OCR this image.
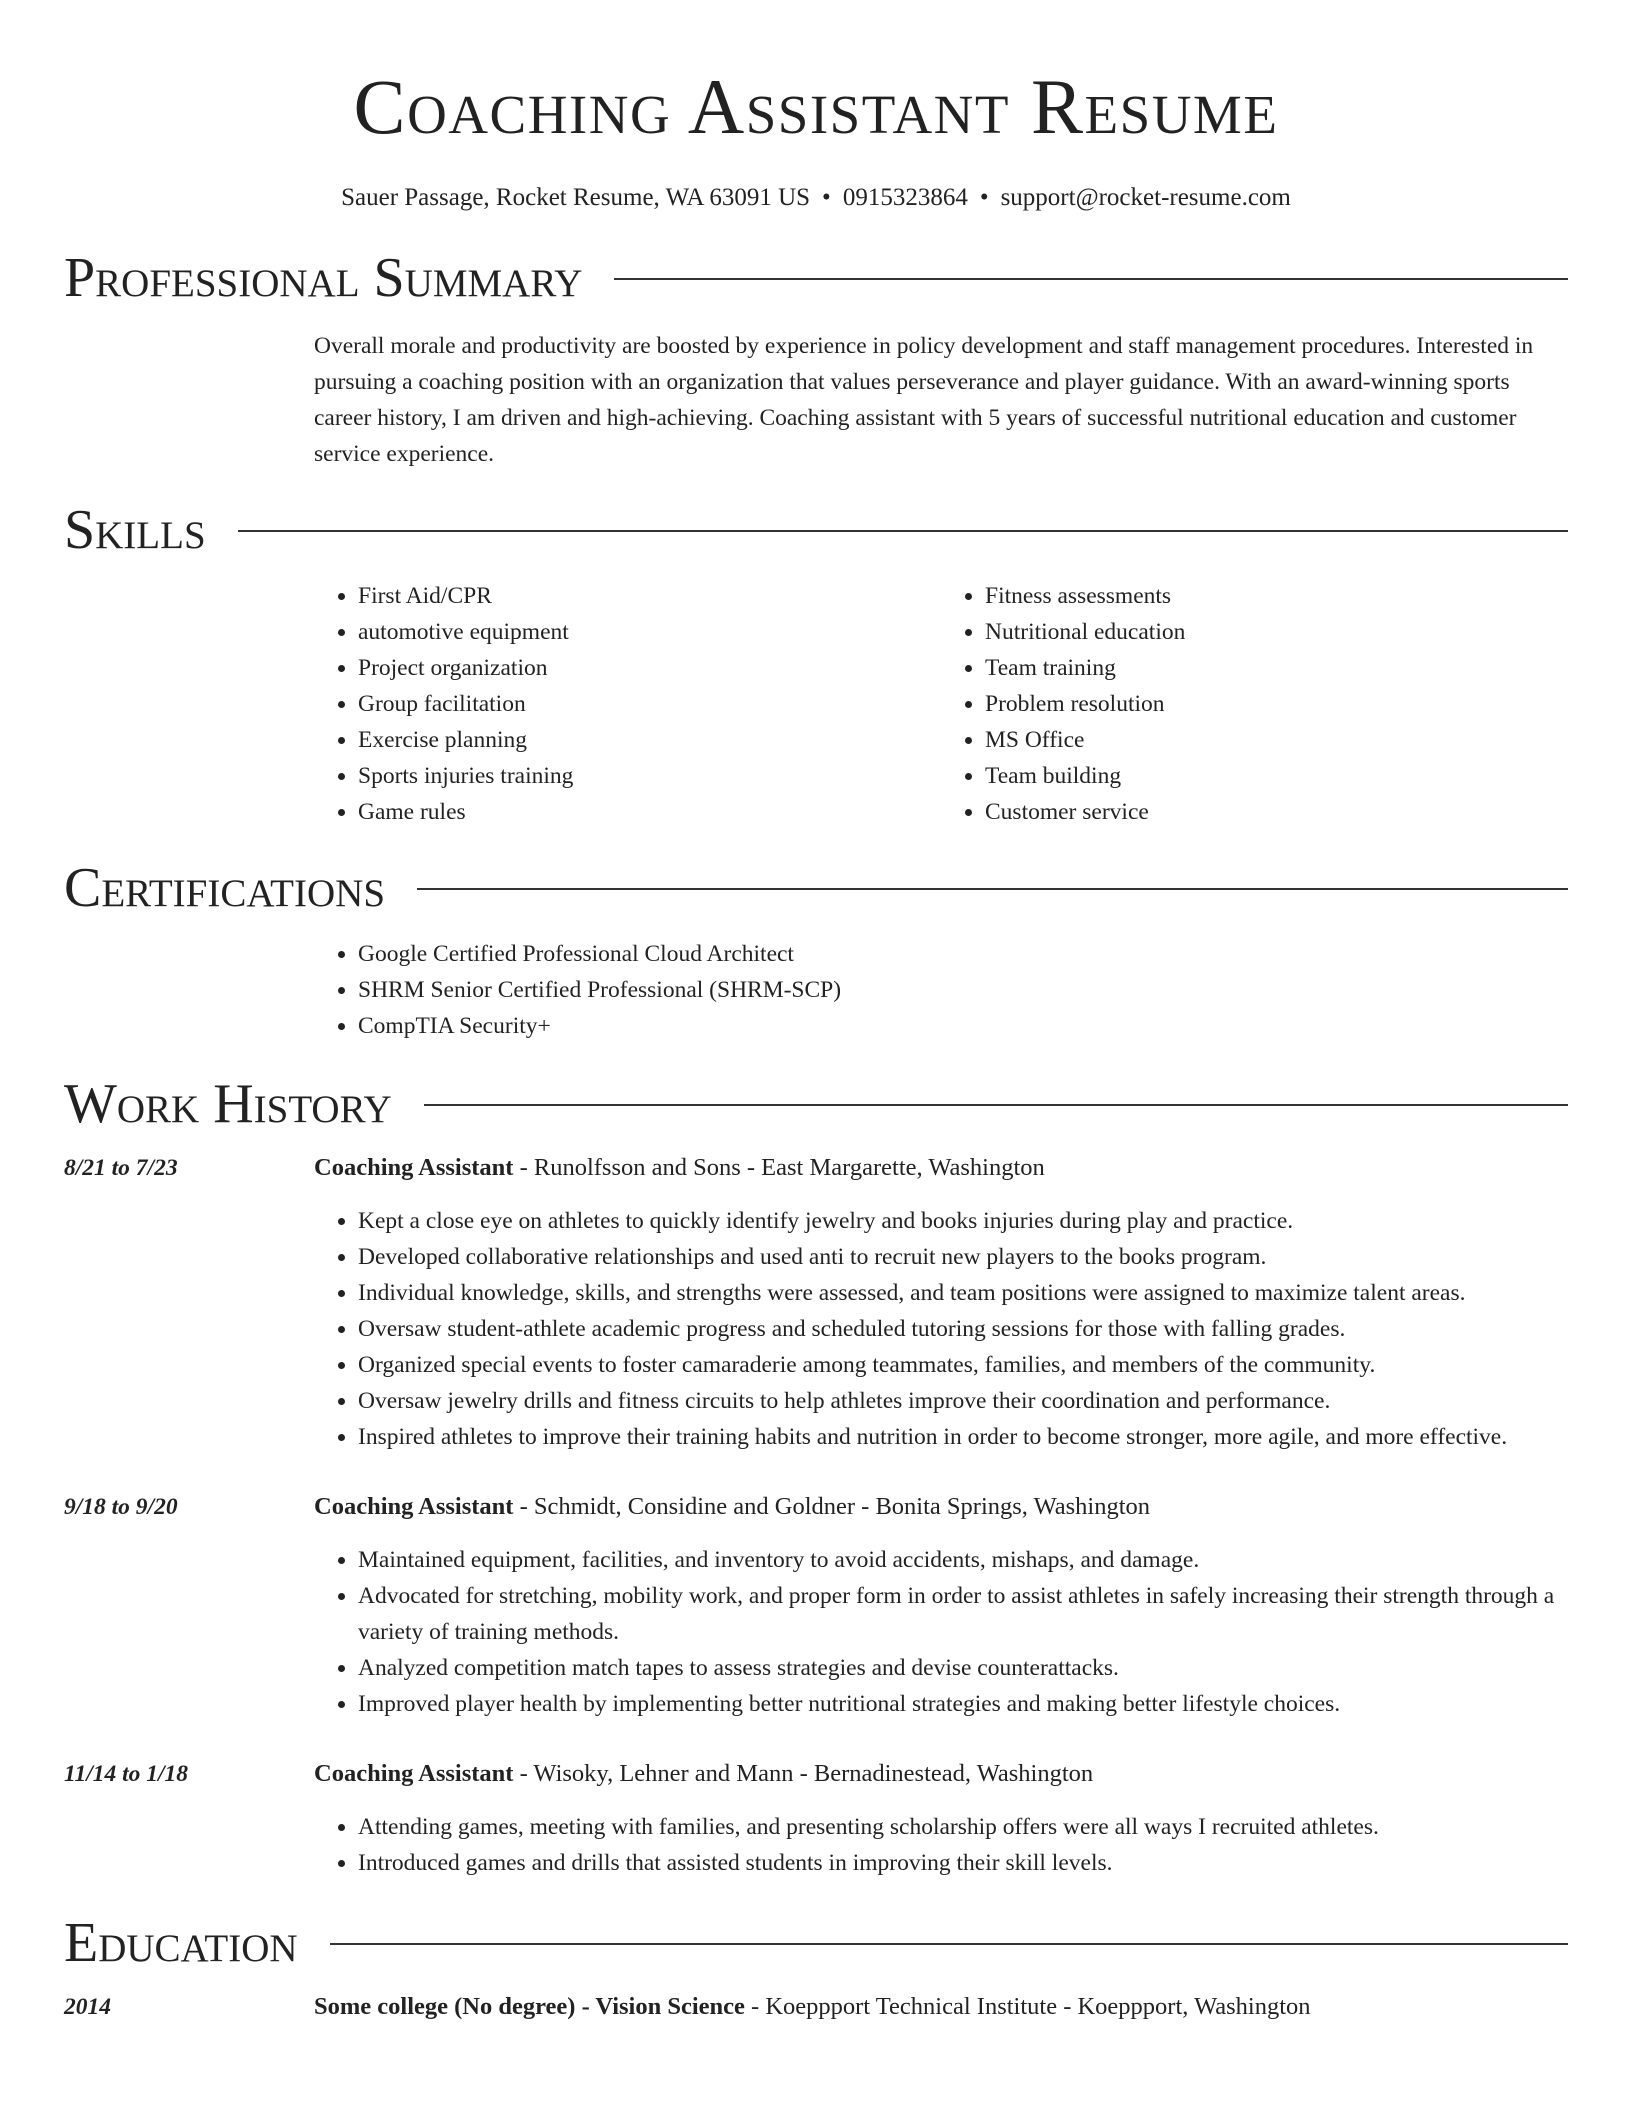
Coaching Assistant Resume
Sauer Passage, Rocket Resume, WA 63091 US • 0915323864 • support@rocket-resume.com
Professional Summary

Overall morale and productivity are boosted by experience in policy development and staff management procedures. Interested in pursuing a coaching position with an organization that values perseverance and player guidance. With an award-winning sports career history, I am driven and high-achieving. Coaching assistant with 5 years of successful nutritional education and customer service experience.

Skills
• First Aid/CPR
• automotive equipment
• Project organization
• Group facilitation
• Exercise planning
• Sports injuries training
• Game rules
• Fitness assessments
• Nutritional education
• Team training
• Problem resolution
• MS Office
• Team building
• Customer service
Certifications
• Google Certified Professional Cloud Architect
• SHRM Senior Certified Professional (SHRM-SCP)
• CompTIA Security+
Work History
8/21 to 7/23	Coaching Assistant - Runolfsson and Sons - East Margarette, Washington
• Kept a close eye on athletes to quickly identify jewelry and books injuries during play and practice.
• Developed collaborative relationships and used anti to recruit new players to the books program.
• Individual knowledge, skills, and strengths were assessed, and team positions were assigned to maximize talent areas.
• Oversaw student-athlete academic progress and scheduled tutoring sessions for those with falling grades.
• Organized special events to foster camaraderie among teammates, families, and members of the community.
• Oversaw jewelry drills and fitness circuits to help athletes improve their coordination and performance.
• Inspired athletes to improve their training habits and nutrition in order to become stronger, more agile, and more effective.
9/18 to 9/20	Coaching Assistant - Schmidt, Considine and Goldner - Bonita Springs, Washington
• Maintained equipment, facilities, and inventory to avoid accidents, mishaps, and damage.
• Advocated for stretching, mobility work, and proper form in order to assist athletes in safely increasing their strength through a variety of training methods.
• Analyzed competition match tapes to assess strategies and devise counterattacks.
• Improved player health by implementing better nutritional strategies and making better lifestyle choices.
11/14 to 1/18	Coaching Assistant - Wisoky, Lehner and Mann - Bernadinestead, Washington
• Attending games, meeting with families, and presenting scholarship offers were all ways I recruited athletes.
• Introduced games and drills that assisted students in improving their skill levels.
Education
2014	Some college (No degree) - Vision Science - Koeppport Technical Institute - Koeppport, Washington
